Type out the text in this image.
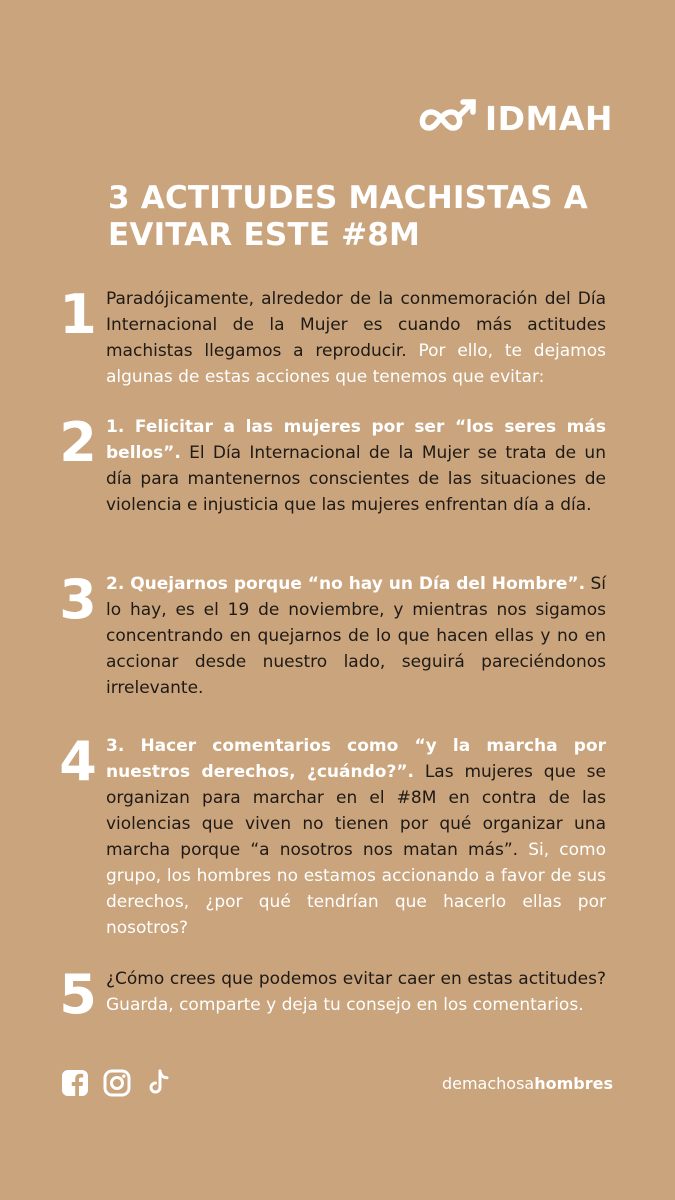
IDMAH
3 ACTITUDES MACHISTAS A EVITAR ESTE #8M
1 Paradójicamente, alrededor de la conmemoración del Día Internacional de la Mujer es cuando más actitudes machistas llegamos a reproducir. Por ello, te dejamos algunas de estas acciones que tenemos que evitar:
2 1. Felicitar a las mujeres por ser “los seres más bellos”. El Día Internacional de la Mujer se trata de un día para mantenernos conscientes de las situaciones de violencia e injusticia que las mujeres enfrentan día a día.
3 2. Quejarnos porque “no hay un Día del Hombre”. Sí lo hay, es el 19 de noviembre, y mientras nos sigamos concentrando en quejarnos de lo que hacen ellas y no en accionar desde nuestro lado, seguirá pareciéndonos irrelevante.
4 3. Hacer comentarios como “y la marcha por nuestros derechos, ¿cuándo?”. Las mujeres que se organizan para marchar en el #8M en contra de las violencias que viven no tienen por qué organizar una marcha porque “a nosotros nos matan más”. Si, como grupo, los hombres no estamos accionando a favor de sus derechos, ¿por qué tendrían que hacerlo ellas por nosotros?
5 ¿Cómo crees que podemos evitar caer en estas actitudes? Guarda, comparte y deja tu consejo en los comentarios.
demachosahombres
